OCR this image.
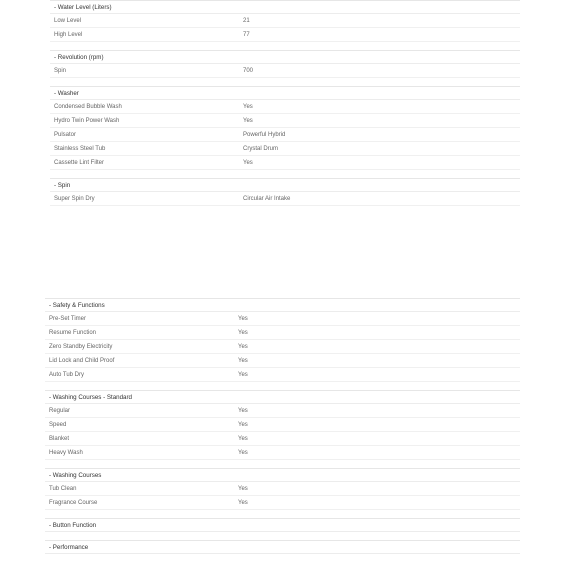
- Water Level (Liters)
Low Level	21
High Level	77
- Revolution (rpm)
Spin	700
- Washer
Condensed Bubble Wash	Yes
Hydro Twin Power Wash	Yes
Pulsator	Powerful Hybrid
Stainless Steel Tub	Crystal Drum
Cassette Lint Filter	Yes
- Spin
Super Spin Dry	Circular Air Intake
- Safety & Functions
Pre-Set Timer	Yes
Resume Function	Yes
Zero Standby Electricity	Yes
Lid Lock and Child Proof	Yes
Auto Tub Dry	Yes
- Washing Courses - Standard
Regular	Yes
Speed	Yes
Blanket	Yes
Heavy Wash	Yes
- Washing Courses
Tub Clean	Yes
Fragrance Course	Yes
- Button Function
- Performance
